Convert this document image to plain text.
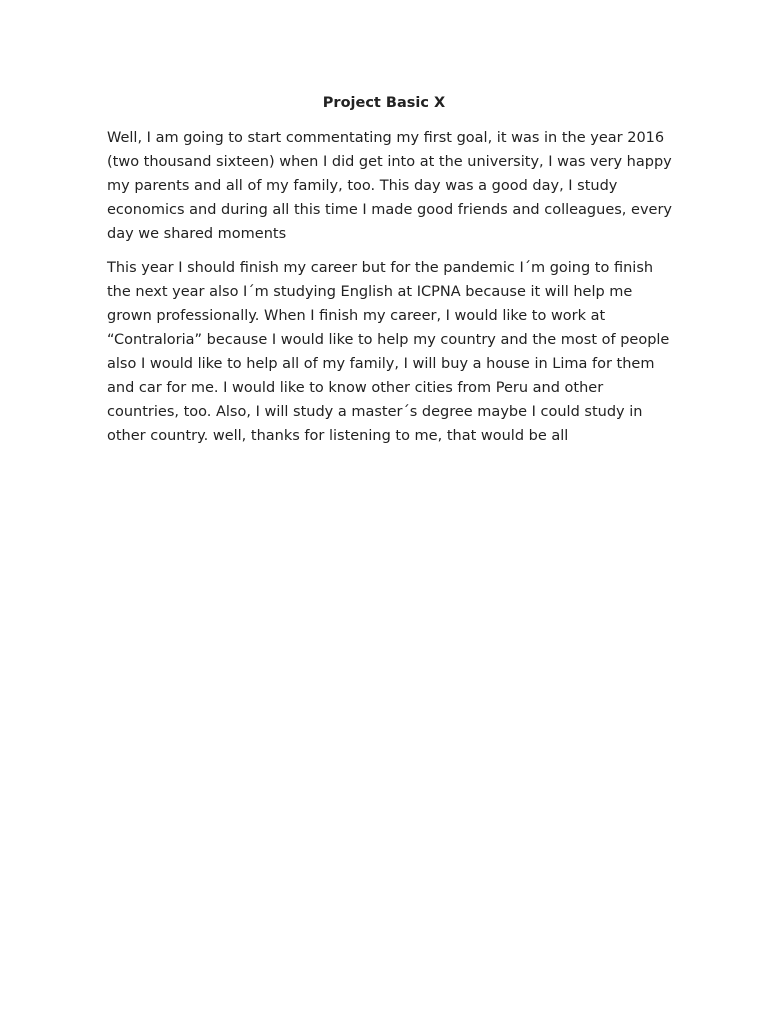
Project Basic X

Well, I am going to start commentating my first goal, it was in the year 2016
(two thousand sixteen) when I did get into at the university, I was very happy
my parents and all of my family, too. This day was a good day, I study
economics and during all this time I made good friends and colleagues, every
day we shared moments

This year I should finish my career but for the pandemic I´m going to finish
the next year also I´m studying English at ICPNA because it will help me
grown professionally. When I finish my career, I would like to work at
“Contraloria” because I would like to help my country and the most of people
also I would like to help all of my family, I will buy a house in Lima for them
and car for me. I would like to know other cities from Peru and other
countries, too. Also, I will study a master´s degree maybe I could study in
other country. well, thanks for listening to me, that would be all
